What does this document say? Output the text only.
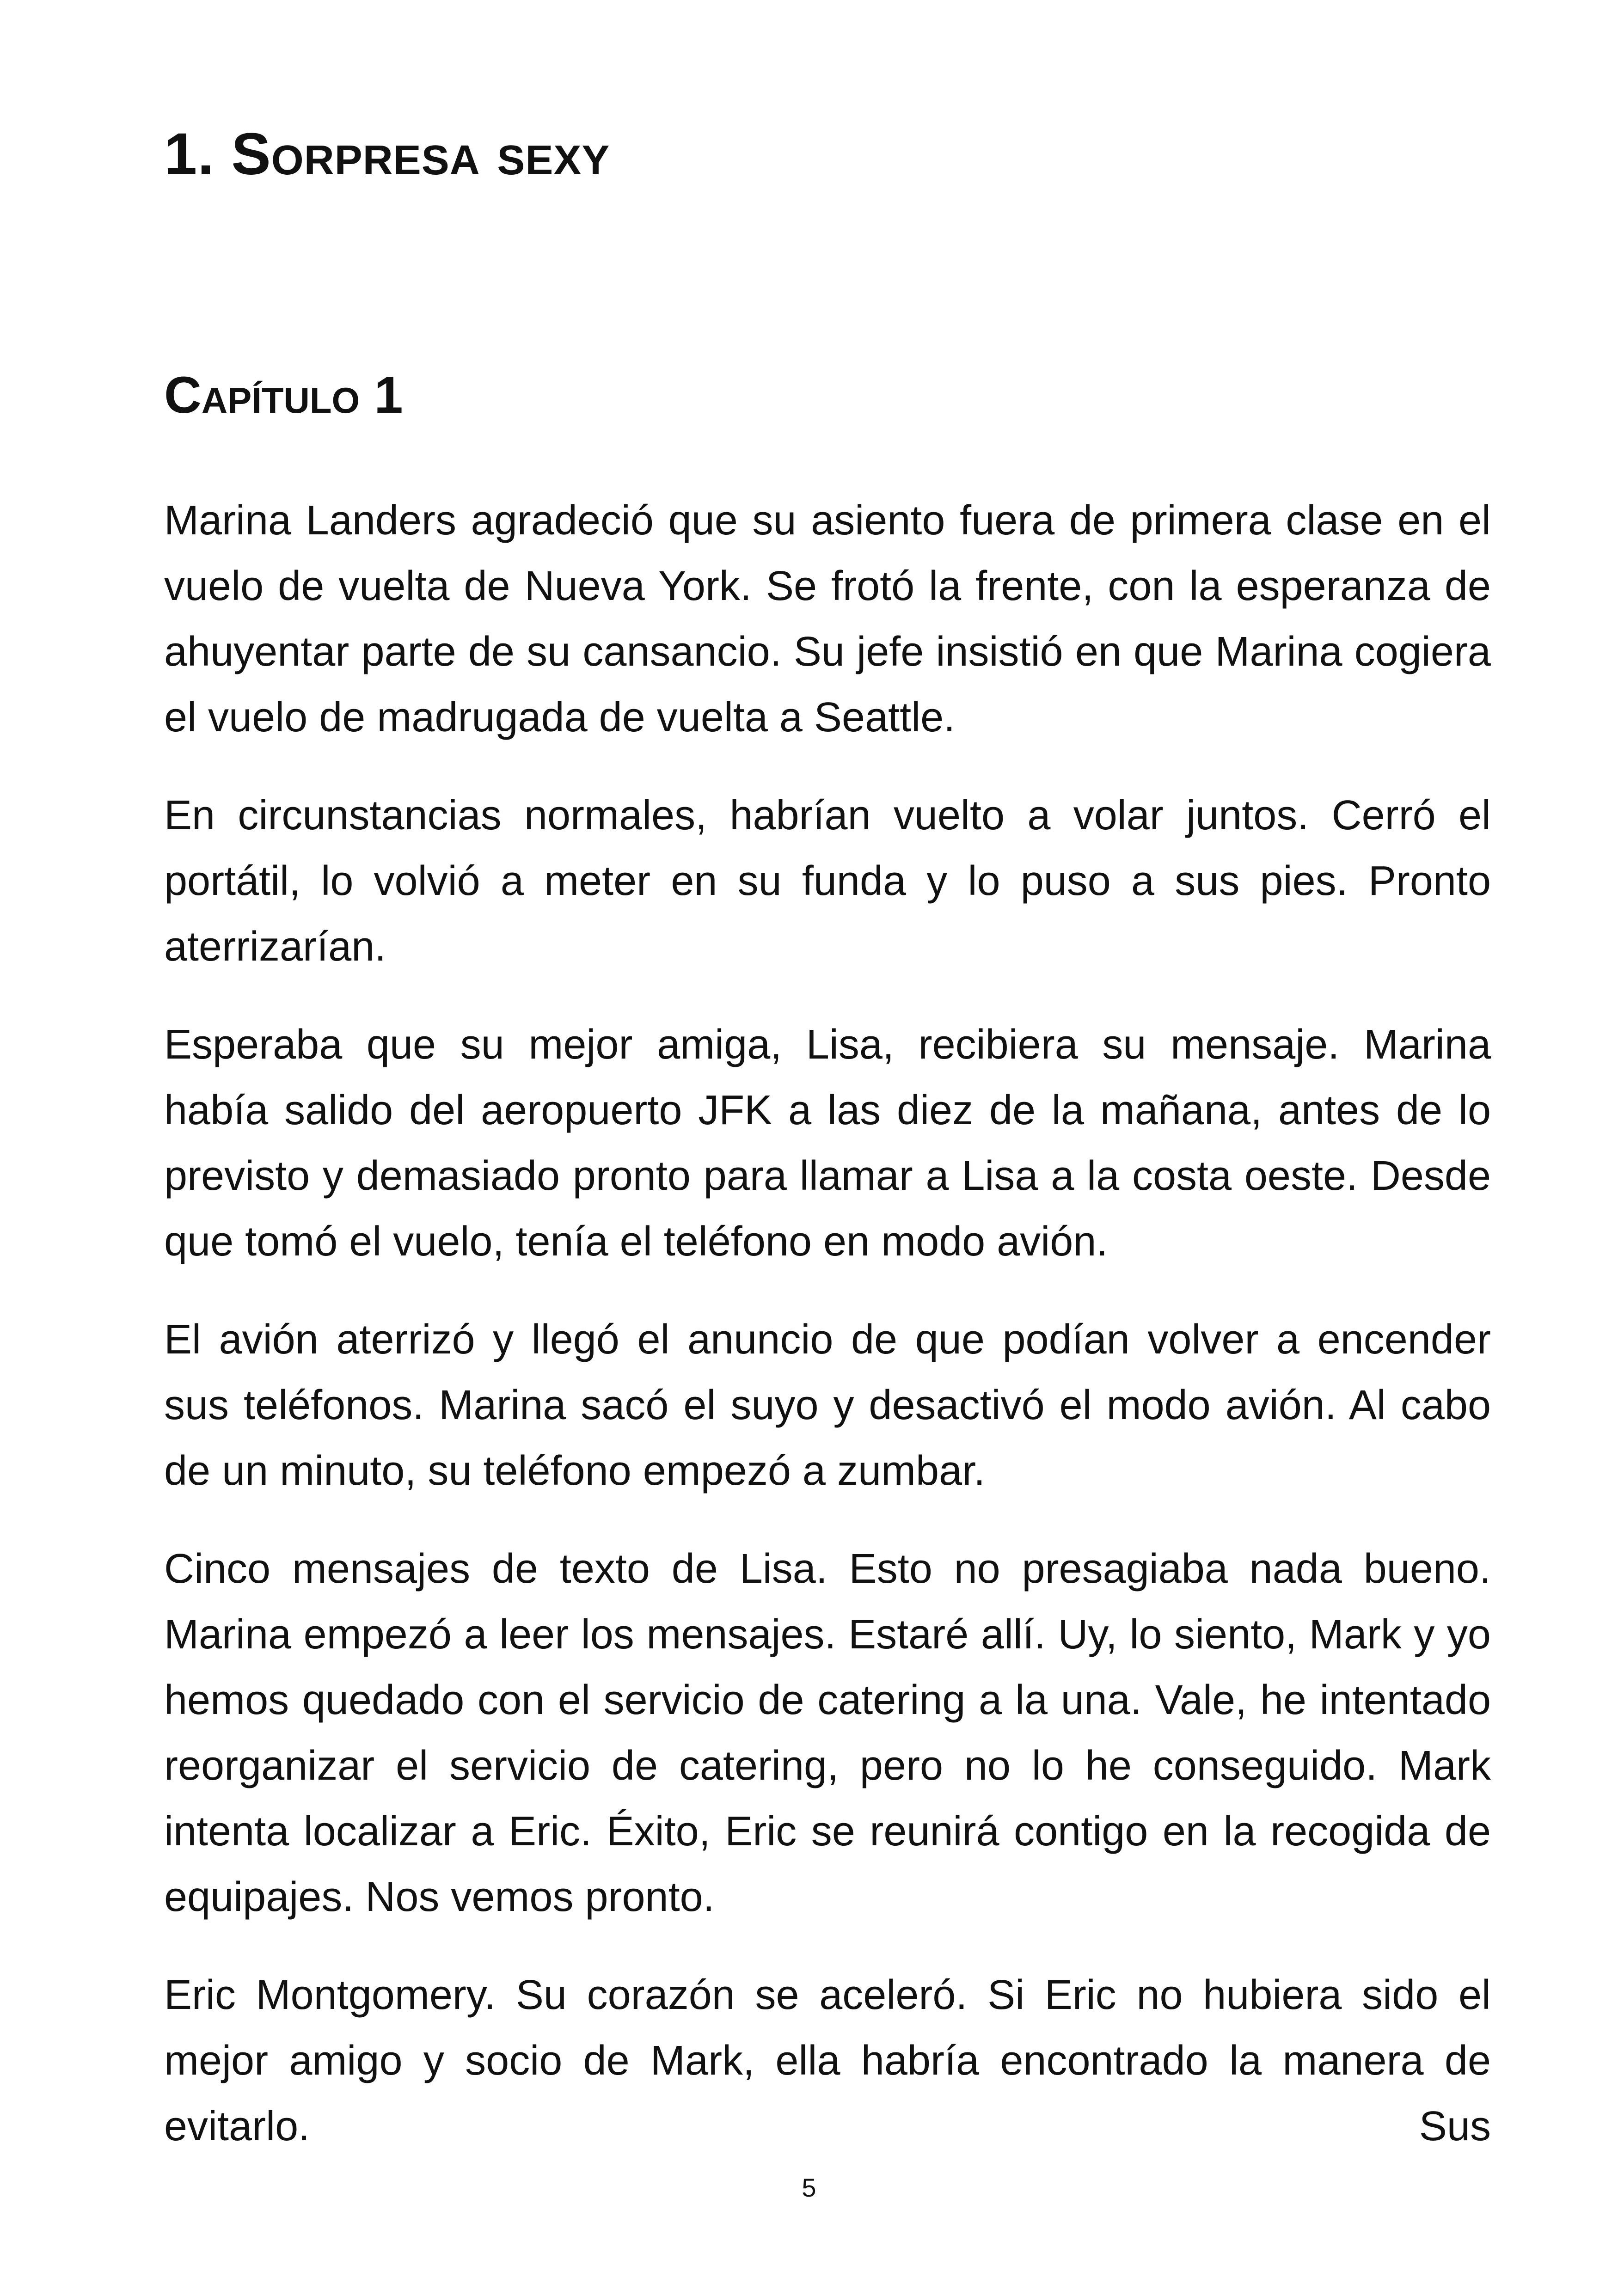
1. Sorpresa sexy
Capítulo 1

Marina Landers agradeció que su asiento fuera de primera clase en el vuelo de vuelta de Nueva York. Se frotó la frente, con la esperanza de ahuyentar parte de su cansancio. Su jefe insistió en que Marina cogiera el vuelo de madrugada de vuelta a Seattle.

En circunstancias normales, habrían vuelto a volar juntos. Cerró el portátil, lo volvió a meter en su funda y lo puso a sus pies. Pronto aterrizarían.

Esperaba que su mejor amiga, Lisa, recibiera su mensaje. Marina había salido del aeropuerto JFK a las diez de la mañana, antes de lo previsto y demasiado pronto para llamar a Lisa a la costa oeste. Desde que tomó el vuelo, tenía el teléfono en modo avión.

El avión aterrizó y llegó el anuncio de que podían volver a encender sus teléfonos. Marina sacó el suyo y desactivó el modo avión. Al cabo de un minuto, su teléfono empezó a zumbar.

Cinco mensajes de texto de Lisa. Esto no presagiaba nada bueno. Marina empezó a leer los mensajes. Estaré allí. Uy, lo siento, Mark y yo hemos quedado con el servicio de catering a la una. Vale, he intentado reorganizar el servicio de catering, pero no lo he conseguido. Mark intenta localizar a Eric. Éxito, Eric se reunirá contigo en la recogida de equipajes. Nos vemos pronto.

Eric Montgomery. Su corazón se aceleró. Si Eric no hubiera sido el mejor amigo y socio de Mark, ella habría encontrado la manera de evitarlo. Sus

5
